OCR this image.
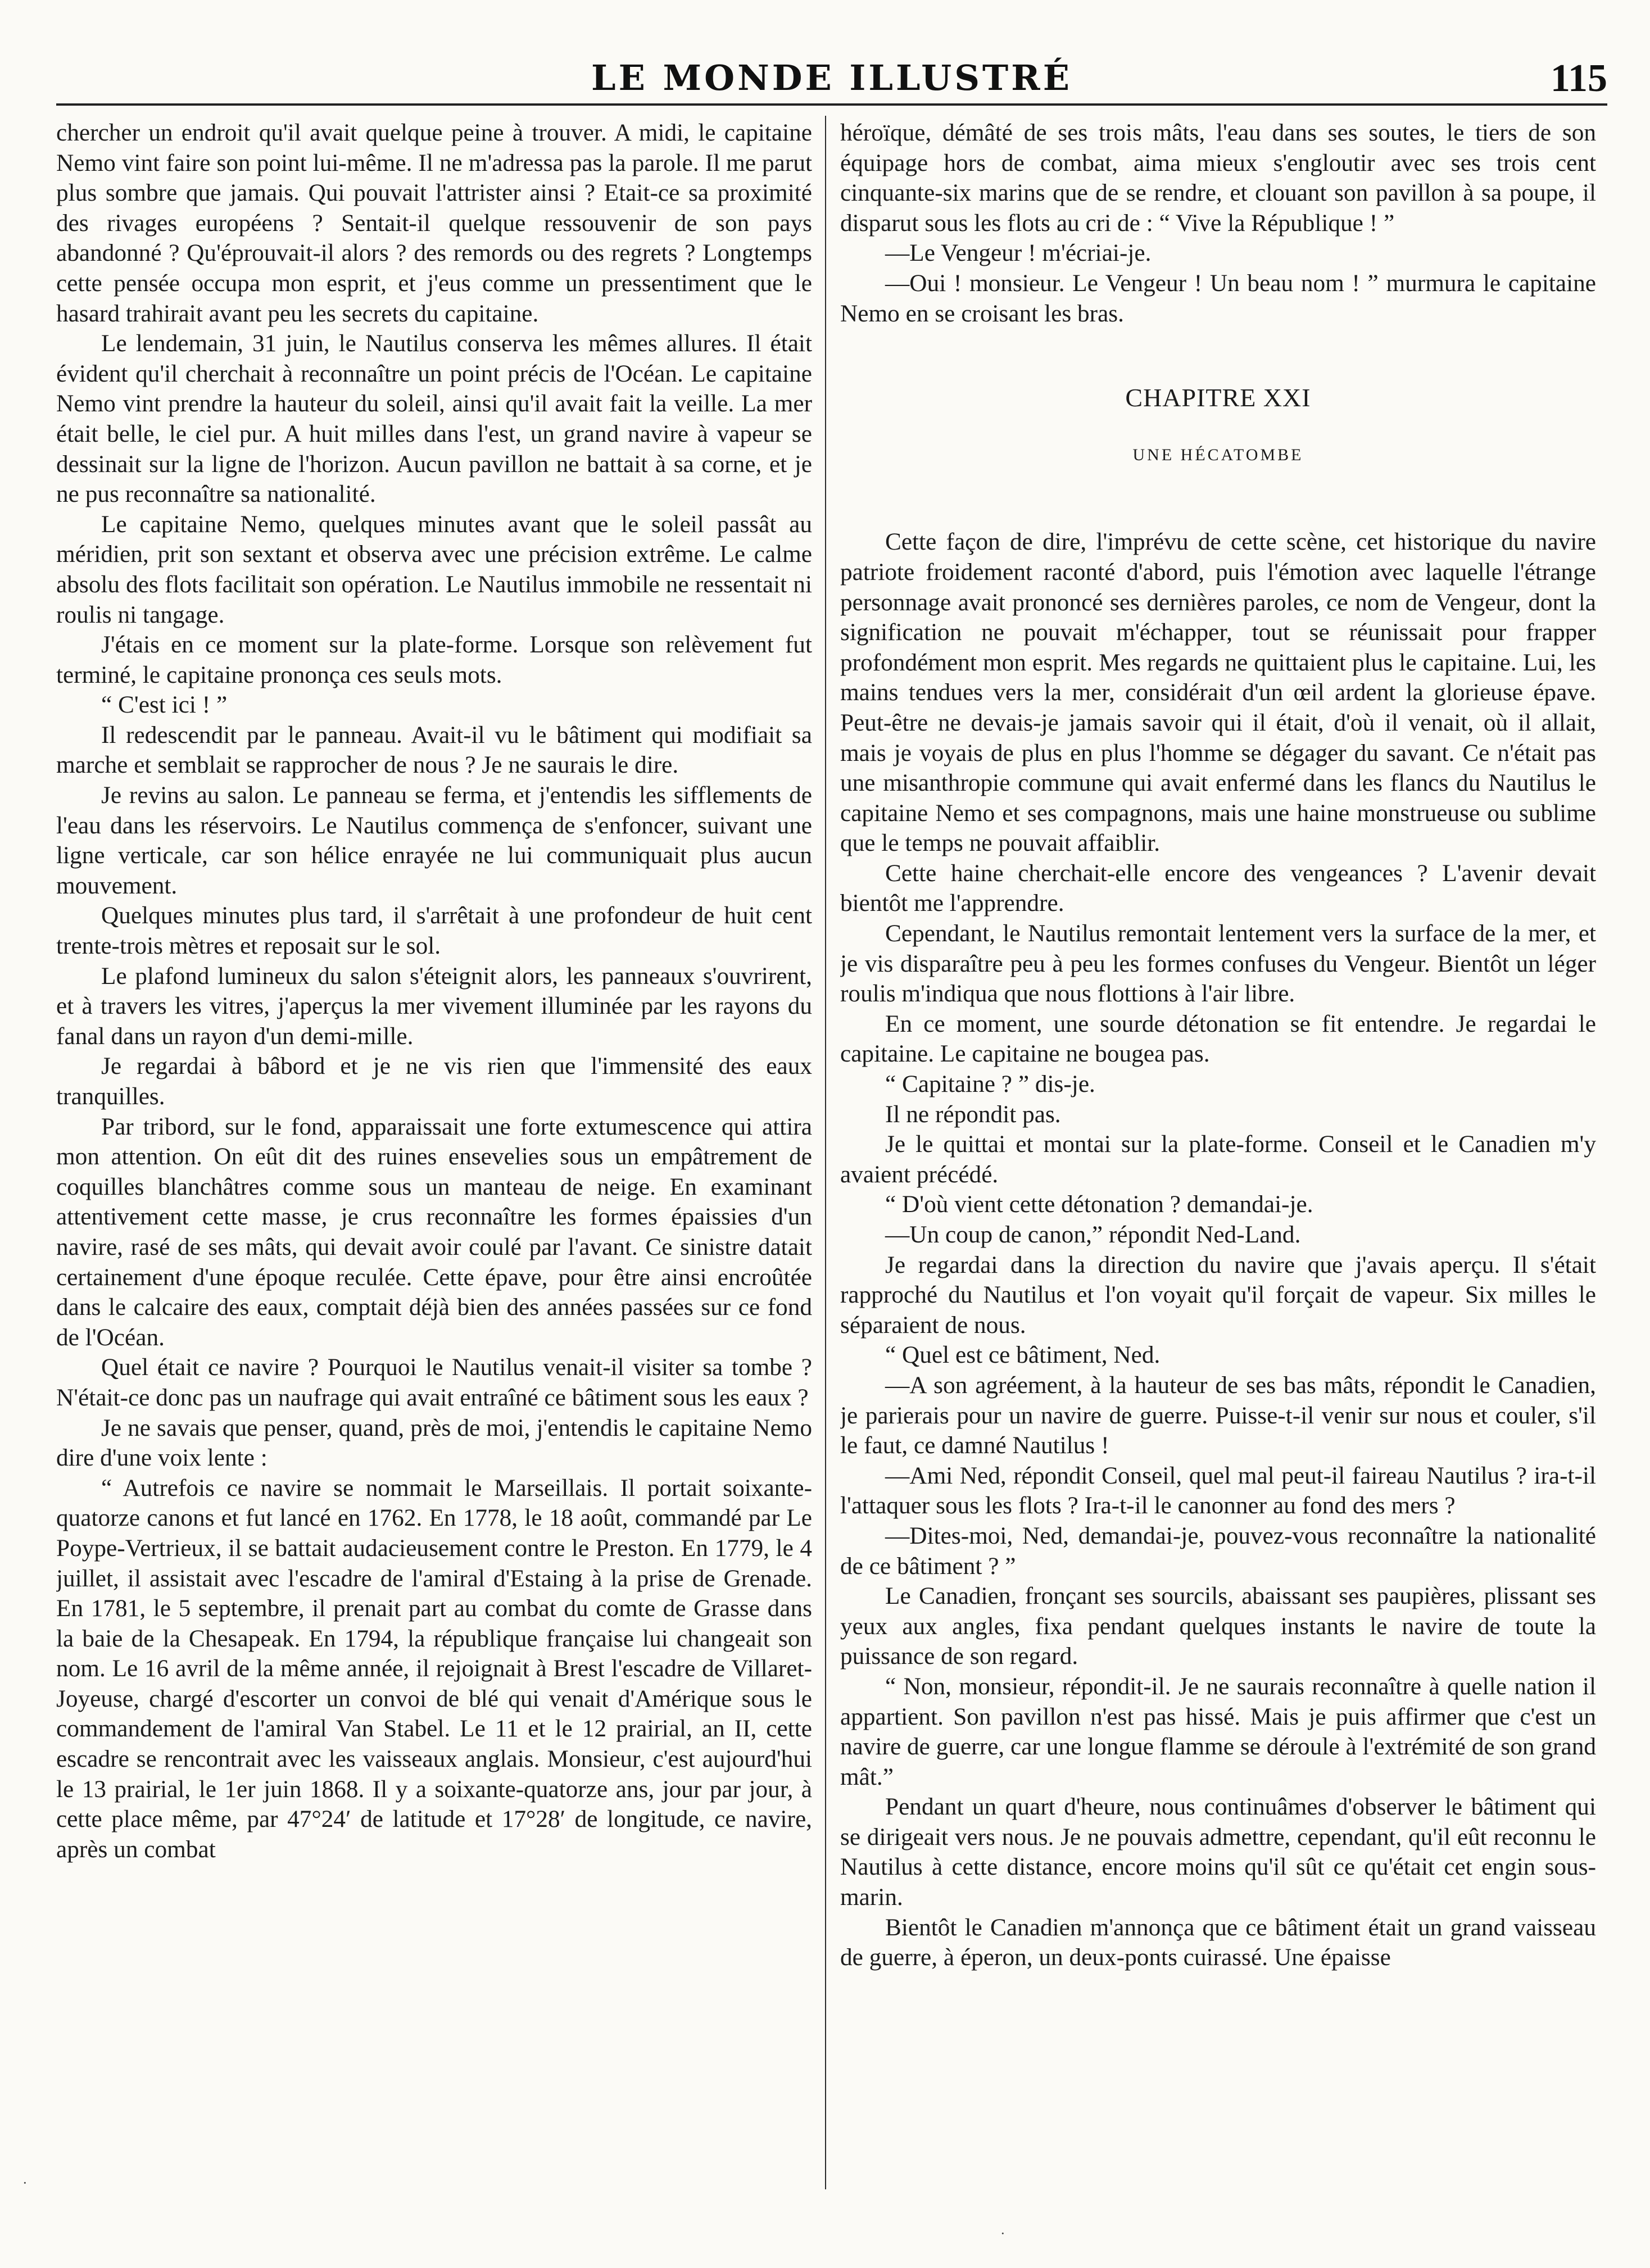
LE MONDE ILLUSTRÉ	115

chercher un endroit qu'il avait quelque peine à trouver. A midi, le capitaine Nemo vint faire son point lui-même. Il ne m'adressa pas la parole. Il me parut plus sombre que jamais. Qui pouvait l'attrister ainsi ? Etait-ce sa proximité des rivages européens ? Sentait-il quelque ressouvenir de son pays abandonné ? Qu'éprouvait-il alors ? des remords ou des regrets ? Longtemps cette pensée occupa mon esprit, et j'eus comme un pressentiment que le hasard trahirait avant peu les secrets du capitaine.

Le lendemain, 31 juin, le Nautilus conserva les mêmes allures. Il était évident qu'il cherchait à reconnaître un point précis de l'Océan. Le capitaine Nemo vint prendre la hauteur du soleil, ainsi qu'il avait fait la veille. La mer était belle, le ciel pur. A huit milles dans l'est, un grand navire à vapeur se dessinait sur la ligne de l'horizon. Aucun pavillon ne battait à sa corne, et je ne pus reconnaître sa nationalité.

Le capitaine Nemo, quelques minutes avant que le soleil passât au méridien, prit son sextant et observa avec une précision extrême. Le calme absolu des flots facilitait son opération. Le Nautilus immobile ne ressentait ni roulis ni tangage.

J'étais en ce moment sur la plate-forme. Lorsque son relèvement fut terminé, le capitaine prononça ces seuls mots.

“ C'est ici ! ”

Il redescendit par le panneau. Avait-il vu le bâtiment qui modifiait sa marche et semblait se rapprocher de nous ? Je ne saurais le dire.

Je revins au salon. Le panneau se ferma, et j'entendis les sifflements de l'eau dans les réservoirs. Le Nautilus commença de s'enfoncer, suivant une ligne verticale, car son hélice enrayée ne lui communiquait plus aucun mouvement.

Quelques minutes plus tard, il s'arrêtait à une profondeur de huit cent trente-trois mètres et reposait sur le sol.

Le plafond lumineux du salon s'éteignit alors, les panneaux s'ouvrirent, et à travers les vitres, j'aperçus la mer vivement illuminée par les rayons du fanal dans un rayon d'un demi-mille.

Je regardai à bâbord et je ne vis rien que l'immensité des eaux tranquilles.

Par tribord, sur le fond, apparaissait une forte extumescence qui attira mon attention. On eût dit des ruines ensevelies sous un empâtrement de coquilles blanchâtres comme sous un manteau de neige. En examinant attentivement cette masse, je crus reconnaître les formes épaissies d'un navire, rasé de ses mâts, qui devait avoir coulé par l'avant. Ce sinistre datait certainement d'une époque reculée. Cette épave, pour être ainsi encroûtée dans le calcaire des eaux, comptait déjà bien des années passées sur ce fond de l'Océan.

Quel était ce navire ? Pourquoi le Nautilus venait-il visiter sa tombe ? N'était-ce donc pas un naufrage qui avait entraîné ce bâtiment sous les eaux ?

Je ne savais que penser, quand, près de moi, j'entendis le capitaine Nemo dire d'une voix lente :

“ Autrefois ce navire se nommait le Marseillais. Il portait soixante-quatorze canons et fut lancé en 1762. En 1778, le 18 août, commandé par Le Poype-Vertrieux, il se battait audacieusement contre le Preston. En 1779, le 4 juillet, il assistait avec l'escadre de l'amiral d'Estaing à la prise de Grenade. En 1781, le 5 septembre, il prenait part au combat du comte de Grasse dans la baie de la Chesapeak. En 1794, la république française lui changeait son nom. Le 16 avril de la même année, il rejoignait à Brest l'escadre de Villaret-Joyeuse, chargé d'escorter un convoi de blé qui venait d'Amérique sous le commandement de l'amiral Van Stabel. Le 11 et le 12 prairial, an II, cette escadre se rencontrait avec les vaisseaux anglais. Monsieur, c'est aujourd'hui le 13 prairial, le 1er juin 1868. Il y a soixante-quatorze ans, jour par jour, à cette place même, par 47°24′ de latitude et 17°28′ de longitude, ce navire, après un combat

héroïque, démâté de ses trois mâts, l'eau dans ses soutes, le tiers de son équipage hors de combat, aima mieux s'engloutir avec ses trois cent cinquante-six marins que de se rendre, et clouant son pavillon à sa poupe, il disparut sous les flots au cri de : “ Vive la République ! ”

—Le Vengeur ! m'écriai-je.

—Oui ! monsieur. Le Vengeur ! Un beau nom ! ” murmura le capitaine Nemo en se croisant les bras.

CHAPITRE XXI

UNE HÉCATOMBE

Cette façon de dire, l'imprévu de cette scène, cet historique du navire patriote froidement raconté d'abord, puis l'émotion avec laquelle l'étrange personnage avait prononcé ses dernières paroles, ce nom de Vengeur, dont la signification ne pouvait m'échapper, tout se réunissait pour frapper profondément mon esprit. Mes regards ne quittaient plus le capitaine. Lui, les mains tendues vers la mer, considérait d'un œil ardent la glorieuse épave. Peut-être ne devais-je jamais savoir qui il était, d'où il venait, où il allait, mais je voyais de plus en plus l'homme se dégager du savant. Ce n'était pas une misanthropie commune qui avait enfermé dans les flancs du Nautilus le capitaine Nemo et ses compagnons, mais une haine monstrueuse ou sublime que le temps ne pouvait affaiblir.

Cette haine cherchait-elle encore des vengeances ? L'avenir devait bientôt me l'apprendre.

Cependant, le Nautilus remontait lentement vers la surface de la mer, et je vis disparaître peu à peu les formes confuses du Vengeur. Bientôt un léger roulis m'indiqua que nous flottions à l'air libre.

En ce moment, une sourde détonation se fit entendre. Je regardai le capitaine. Le capitaine ne bougea pas.

“ Capitaine ? ” dis-je.

Il ne répondit pas.

Je le quittai et montai sur la plate-forme. Conseil et le Canadien m'y avaient précédé.

“ D'où vient cette détonation ? demandai-je.

—Un coup de canon,” répondit Ned-Land.

Je regardai dans la direction du navire que j'avais aperçu. Il s'était rapproché du Nautilus et l'on voyait qu'il forçait de vapeur. Six milles le séparaient de nous.

“ Quel est ce bâtiment, Ned.

—A son agréement, à la hauteur de ses bas mâts, répondit le Canadien, je parierais pour un navire de guerre. Puisse-t-il venir sur nous et couler, s'il le faut, ce damné Nautilus !

—Ami Ned, répondit Conseil, quel mal peut-il faireau Nautilus ? ira-t-il l'attaquer sous les flots ? Ira-t-il le canonner au fond des mers ?

—Dites-moi, Ned, demandai-je, pouvez-vous reconnaître la nationalité de ce bâtiment ? ”

Le Canadien, fronçant ses sourcils, abaissant ses paupières, plissant ses yeux aux angles, fixa pendant quelques instants le navire de toute la puissance de son regard.

“ Non, monsieur, répondit-il. Je ne saurais reconnaître à quelle nation il appartient. Son pavillon n'est pas hissé. Mais je puis affirmer que c'est un navire de guerre, car une longue flamme se déroule à l'extrémité de son grand mât.”

Pendant un quart d'heure, nous continuâmes d'observer le bâtiment qui se dirigeait vers nous. Je ne pouvais admettre, cependant, qu'il eût reconnu le Nautilus à cette distance, encore moins qu'il sût ce qu'était cet engin sous-marin.

Bientôt le Canadien m'annonça que ce bâtiment était un grand vaisseau de guerre, à éperon, un deux-ponts cuirassé. Une épaisse

·
·
